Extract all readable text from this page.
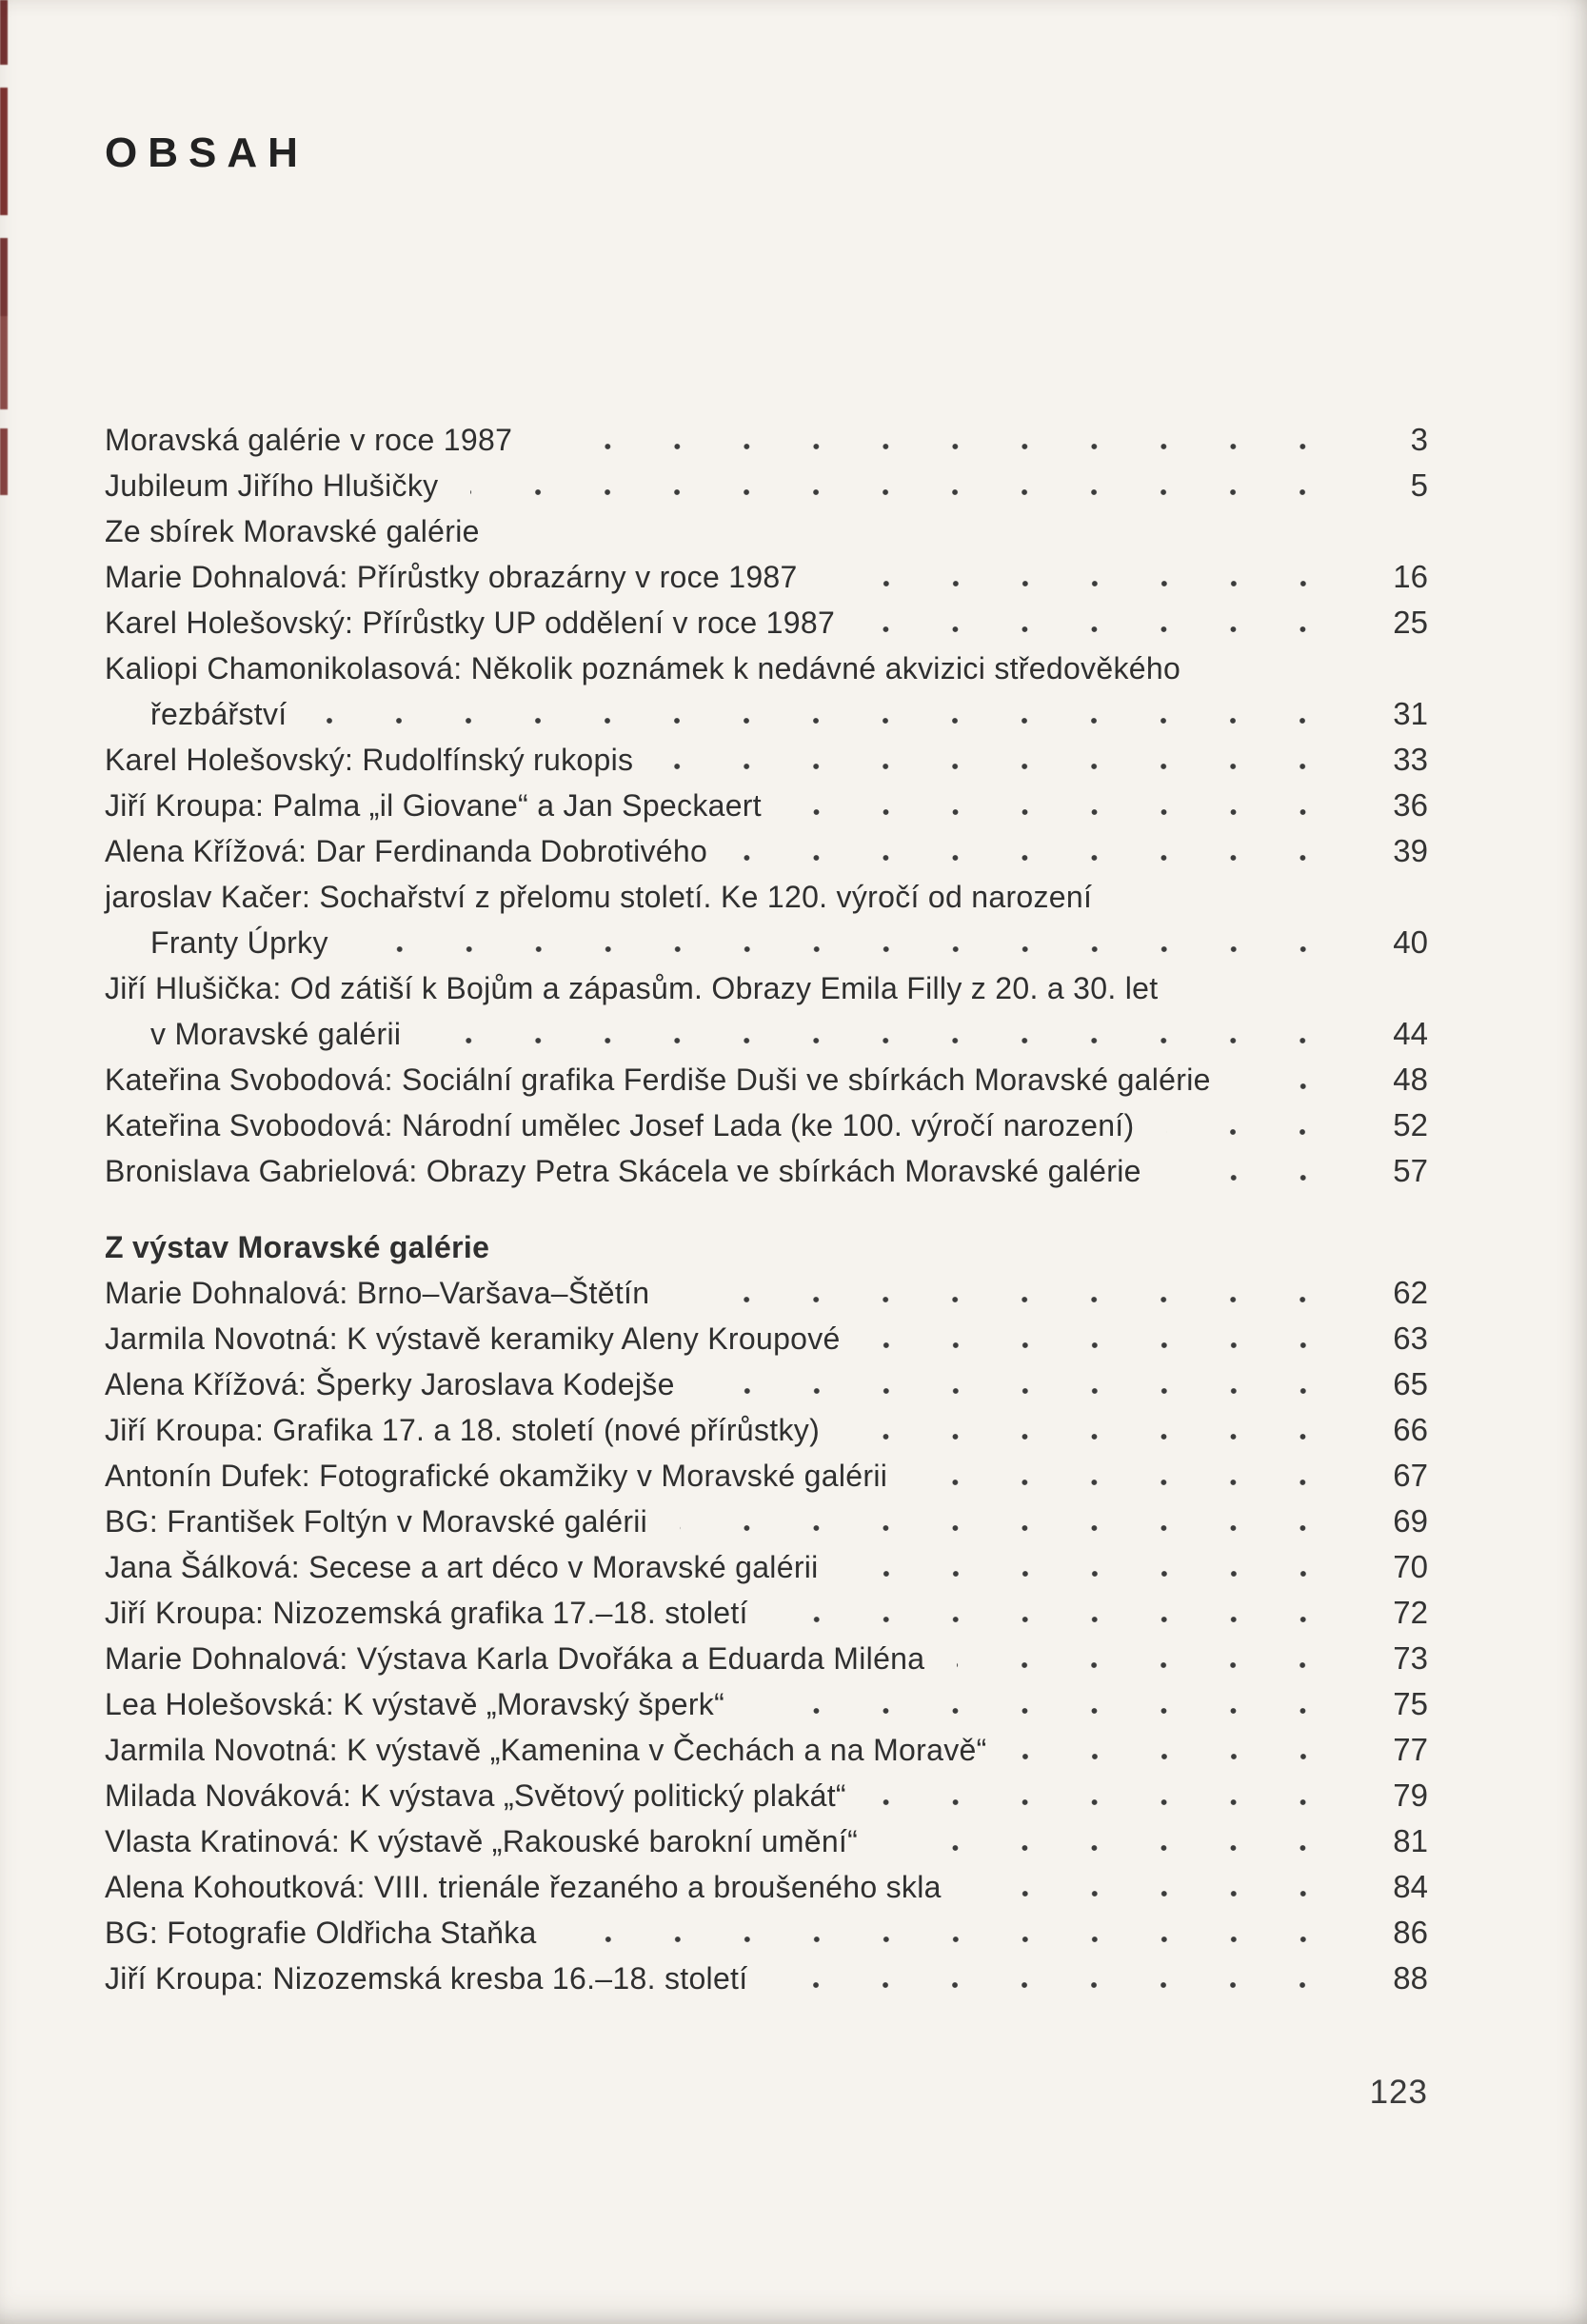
OBSAH
Moravská galérie v roce 1987	3
Jubileum Jiřího Hlušičky	5
Ze sbírek Moravské galérie
Marie Dohnalová: Přírůstky obrazárny v roce 1987	16
Karel Holešovský: Přírůstky UP oddělení v roce 1987	25
Kaliopi Chamonikolasová: Několik poznámek k nedávné akvizici středověkého
řezbářství	31
Karel Holešovský: Rudolfínský rukopis	33
Jiří Kroupa: Palma „il Giovane“ a Jan Speckaert	36
Alena Křížová: Dar Ferdinanda Dobrotivého	39
jaroslav Kačer: Sochařství z přelomu století. Ke 120. výročí od narození
Franty Úprky	40
Jiří Hlušička: Od zátiší k Bojům a zápasům. Obrazy Emila Filly z 20. a 30. let
v Moravské galérii	44
Kateřina Svobodová: Sociální grafika Ferdiše Duši ve sbírkách Moravské galérie	48
Kateřina Svobodová: Národní umělec Josef Lada (ke 100. výročí narození)	52
Bronislava Gabrielová: Obrazy Petra Skácela ve sbírkách Moravské galérie	57
Z výstav Moravské galérie
Marie Dohnalová: Brno–Varšava–Štětín	62
Jarmila Novotná: K výstavě keramiky Aleny Kroupové	63
Alena Křížová: Šperky Jaroslava Kodejše	65
Jiří Kroupa: Grafika 17. a 18. století (nové přírůstky)	66
Antonín Dufek: Fotografické okamžiky v Moravské galérii	67
BG: František Foltýn v Moravské galérii	69
Jana Šálková: Secese a art déco v Moravské galérii	70
Jiří Kroupa: Nizozemská grafika 17.–18. století	72
Marie Dohnalová: Výstava Karla Dvořáka a Eduarda Miléna	73
Lea Holešovská: K výstavě „Moravský šperk“	75
Jarmila Novotná: K výstavě „Kamenina v Čechách a na Moravě“	77
Milada Nováková: K výstava „Světový politický plakát“	79
Vlasta Kratinová: K výstavě „Rakouské barokní umění“	81
Alena Kohoutková: VIII. trienále řezaného a broušeného skla	84
BG: Fotografie Oldřicha Staňka	86
Jiří Kroupa: Nizozemská kresba 16.–18. století	88
123
